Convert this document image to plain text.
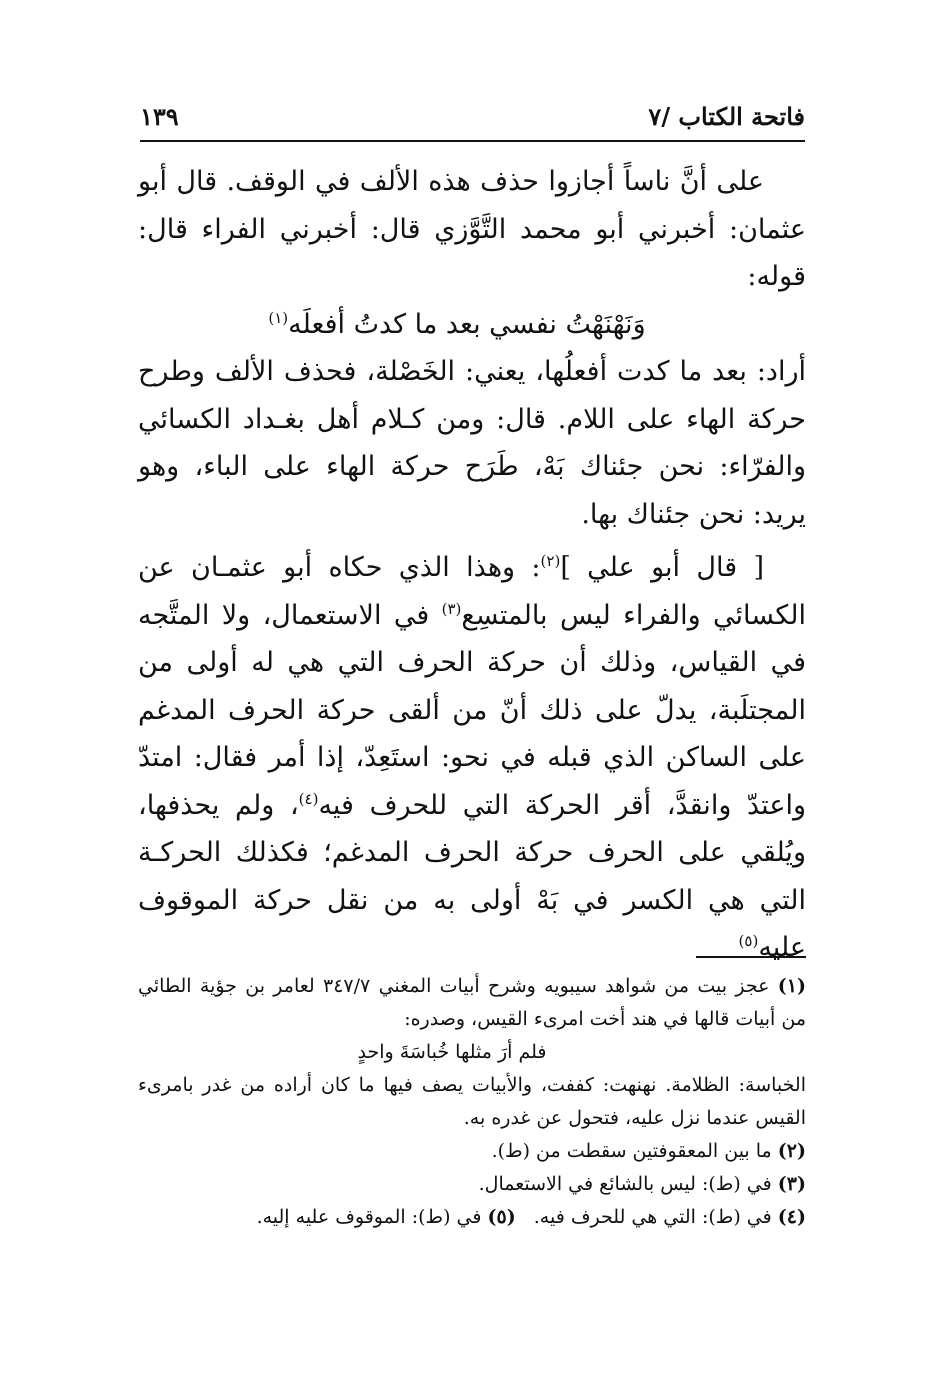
فاتحة الكتاب /٧
١٣٩

على أنَّ ناساً أجازوا حذف هذه الألف في الوقف. قال أبو عثمان: أخبرني أبو محمد التَّوَّزي قال: أخبرني الفراء قال: قوله:

وَنَهْنَهْتُ نفسي بعد ما كدتُ أفعلَه$^{(١)}$

أراد: بعد ما كدت أفعلُها، يعني: الخَصْلة، فحذف الألف وطرح حركة الهاء على اللام. قال: ومن كـلام أهل بغـداد الكسائي والفرّاء: نحن جئناك بَهْ، طَرَح حركة الهاء على الباء، وهو يريد: نحن جئناك بها.

[ قال أبو علي ]$^{(٢)}$: وهذا الذي حكاه أبو عثمـان عن الكسائي والفراء ليس بالمتسِع$^{(٣)}$ في الاستعمال، ولا المتَّجه في القياس، وذلك أن حركة الحرف التي هي له أولى من المجتلَبة، يدلّ على ذلك أنّ من ألقى حركة الحرف المدغم على الساكن الذي قبله في نحو: استَعِدّ، إذا أمر فقال: امتدّ واعتدّ وانقدَّ، أقر الحركة التي للحرف فيه$^{(٤)}$، ولم يحذفها، ويُلقي على الحرف حركة الحرف المدغم؛ فكذلك الحركـة التي هي الكسر في بَهْ أولى به من نقل حركة الموقوف عليه$^{(٥)}$

(١) عجز بيت من شواهد سيبويه وشرح أبيات المغني ٣٤٧/٧ لعامر بن جؤية الطائي من أبيات قالها في هند أخت امرىء القيس، وصدره:

فلم أرَ مثلها خُباسَةَ واحدٍ

الخباسة: الظلامة. نهنهت: كففت، والأبيات يصف فيها ما كان أراده من غدر بامرىء القيس عندما نزل عليه، فتحول عن غدره به.

(٢) ما بين المعقوفتين سقطت من (ط).

(٣) في (ط): ليس بالشائع في الاستعمال.

(٤) في (ط): التي هي للحرف فيه.(٥) في (ط): الموقوف عليه إليه.
